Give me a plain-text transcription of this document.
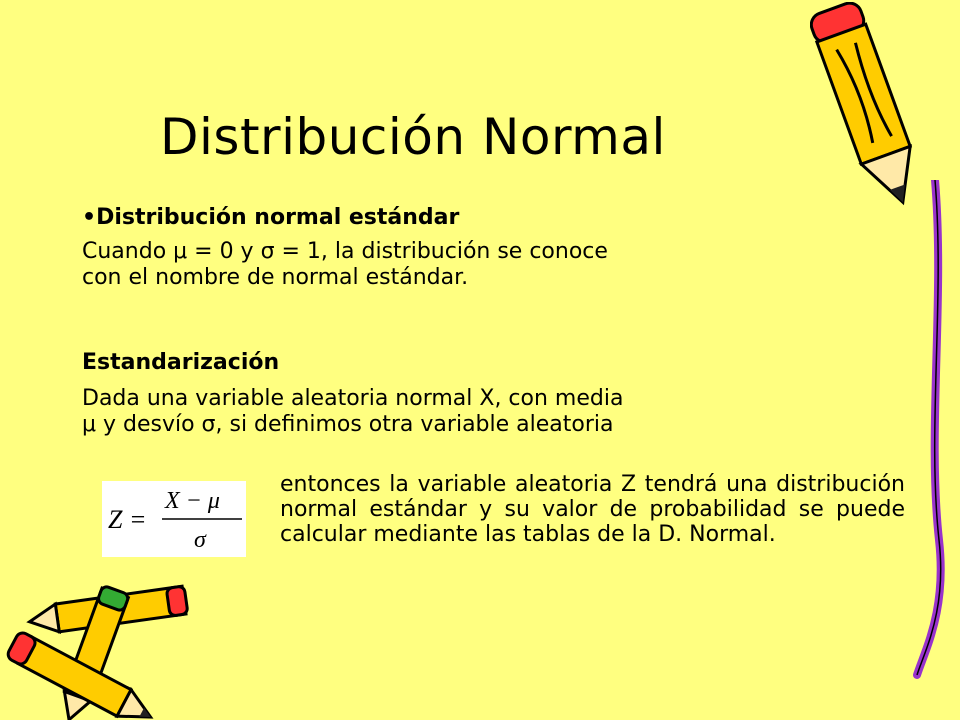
Distribución Normal
•Distribución normal estándar
Cuando μ = 0 y σ = 1, la distribución se conoce
con el nombre de normal estándar.
Estandarización
Dada una variable aleatoria normal X, con media
μ y desvío σ, si definimos otra variable aleatoria
Z =
X − μ
σ
entonces la variable aleatoria Z tendrá una distribución normal estándar y su valor de probabilidad se puede calcular mediante las tablas de la D. Normal.
